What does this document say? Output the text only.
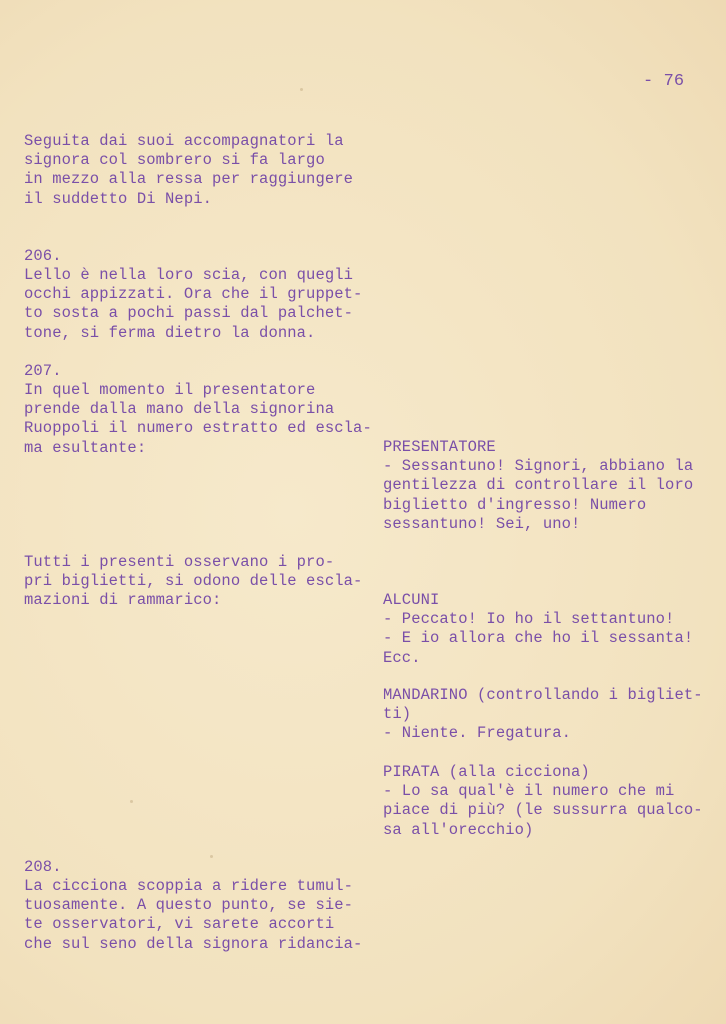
- 76
Seguita dai suoi accompagnatori la
signora col sombrero si fa largo
in mezzo alla ressa per raggiungere
il suddetto Di Nepi.
206.
Lello è nella loro scia, con quegli
occhi appizzati. Ora che il gruppet-
to sosta a pochi passi dal palchet-
tone, si ferma dietro la donna.
207.
In quel momento il presentatore
prende dalla mano della signorina
Ruoppoli il numero estratto ed escla-
ma esultante:	PRESENTATORE
- Sessantuno! Signori, abbiano la
gentilezza di controllare il loro
biglietto d'ingresso! Numero
sessantuno! Sei, uno!
Tutti i presenti osservano i pro-
pri biglietti, si odono delle escla-
mazioni di rammarico:	ALCUNI
- Peccato! Io ho il settantuno!
- E io allora che ho il sessanta!
Ecc.
MANDARINO (controllando i bigliet-
ti)
- Niente. Fregatura.
PIRATA (alla cicciona)
- Lo sa qual'è il numero che mi
piace di più? (le sussurra qualco-
sa all'orecchio)
208.
La cicciona scoppia a ridere tumul-
tuosamente. A questo punto, se sie-
te osservatori, vi sarete accorti
che sul seno della signora ridancia-
